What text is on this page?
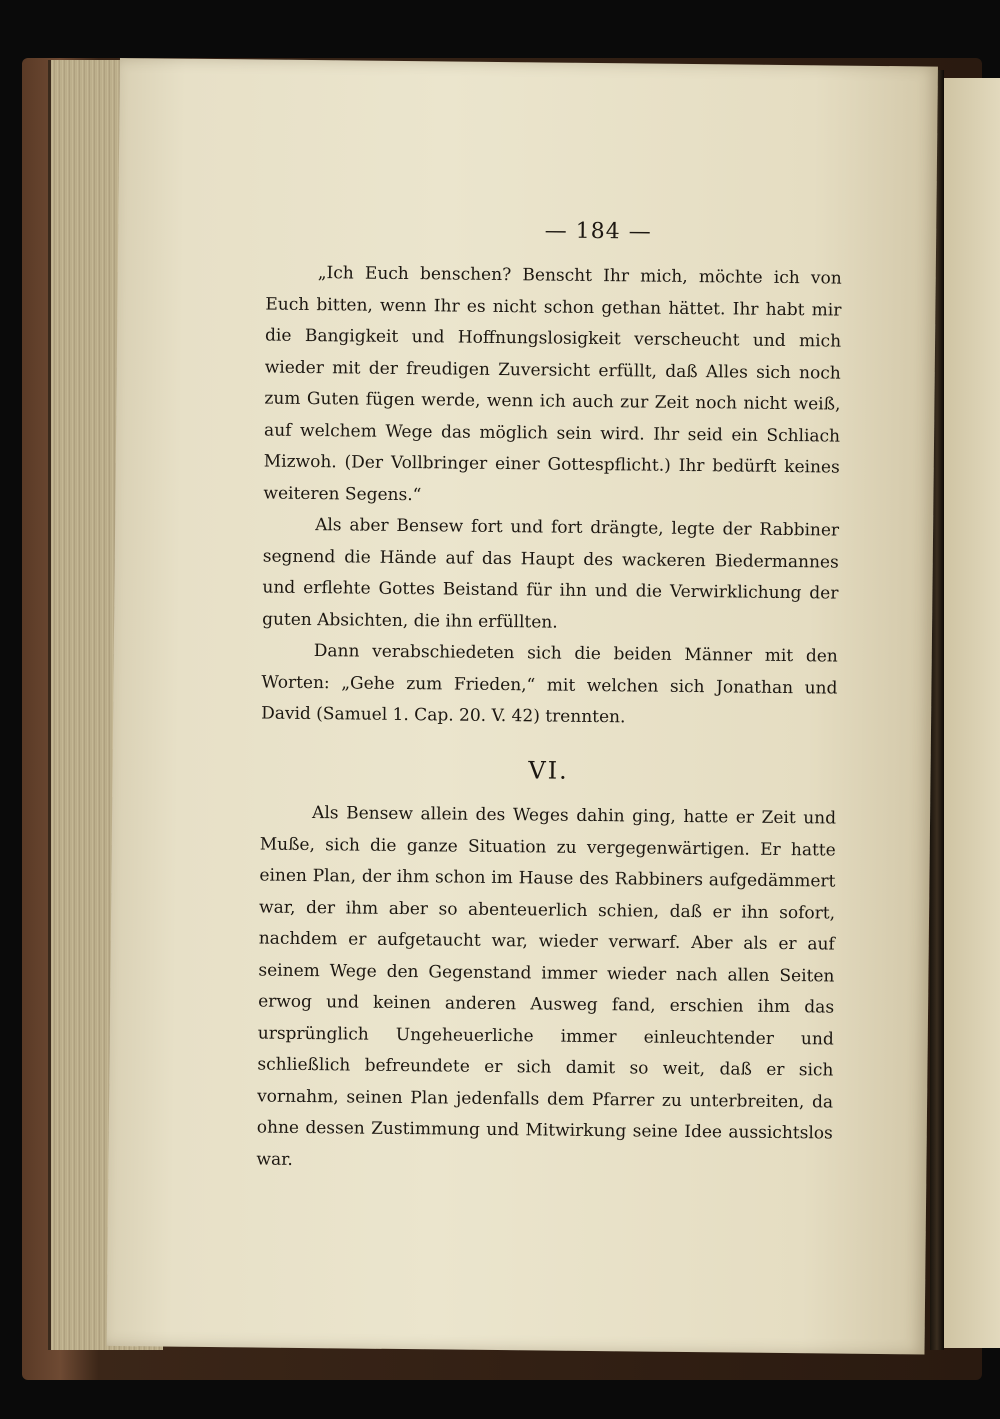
— 184 —

„Ich Euch benschen? Benscht Ihr mich, möchte ich von Euch bitten, wenn Ihr es nicht schon gethan hättet. Ihr habt mir die Bangigkeit und Hoffnungslosigkeit verscheucht und mich wieder mit der freudigen Zuversicht erfüllt, daß Alles sich noch zum Guten fügen werde, wenn ich auch zur Zeit noch nicht weiß, auf welchem Wege das möglich sein wird. Ihr seid ein Schliach Mizwoh. (Der Vollbringer einer Gottespflicht.) Ihr bedürft keines weiteren Segens.“

Als aber Bensew fort und fort drängte, legte der Rabbiner segnend die Hände auf das Haupt des wackeren Biedermannes und erflehte Gottes Beistand für ihn und die Verwirklichung der guten Absichten, die ihn erfüllten.

Dann verabschiedeten sich die beiden Männer mit den Worten: „Gehe zum Frieden,“ mit welchen sich Jonathan und David (Samuel 1. Cap. 20. V. 42) trennten.

VI.

Als Bensew allein des Weges dahin ging, hatte er Zeit und Muße, sich die ganze Situation zu vergegenwärtigen. Er hatte einen Plan, der ihm schon im Hause des Rabbiners aufgedämmert war, der ihm aber so abenteuerlich schien, daß er ihn sofort, nachdem er aufgetaucht war, wieder verwarf. Aber als er auf seinem Wege den Gegenstand immer wieder nach allen Seiten erwog und keinen anderen Ausweg fand, erschien ihm das ursprünglich Ungeheuerliche immer einleuchtender und schließlich befreundete er sich damit so weit, daß er sich vornahm, seinen Plan jedenfalls dem Pfarrer zu unterbreiten, da ohne dessen Zustimmung und Mitwirkung seine Idee aussichtslos war.
